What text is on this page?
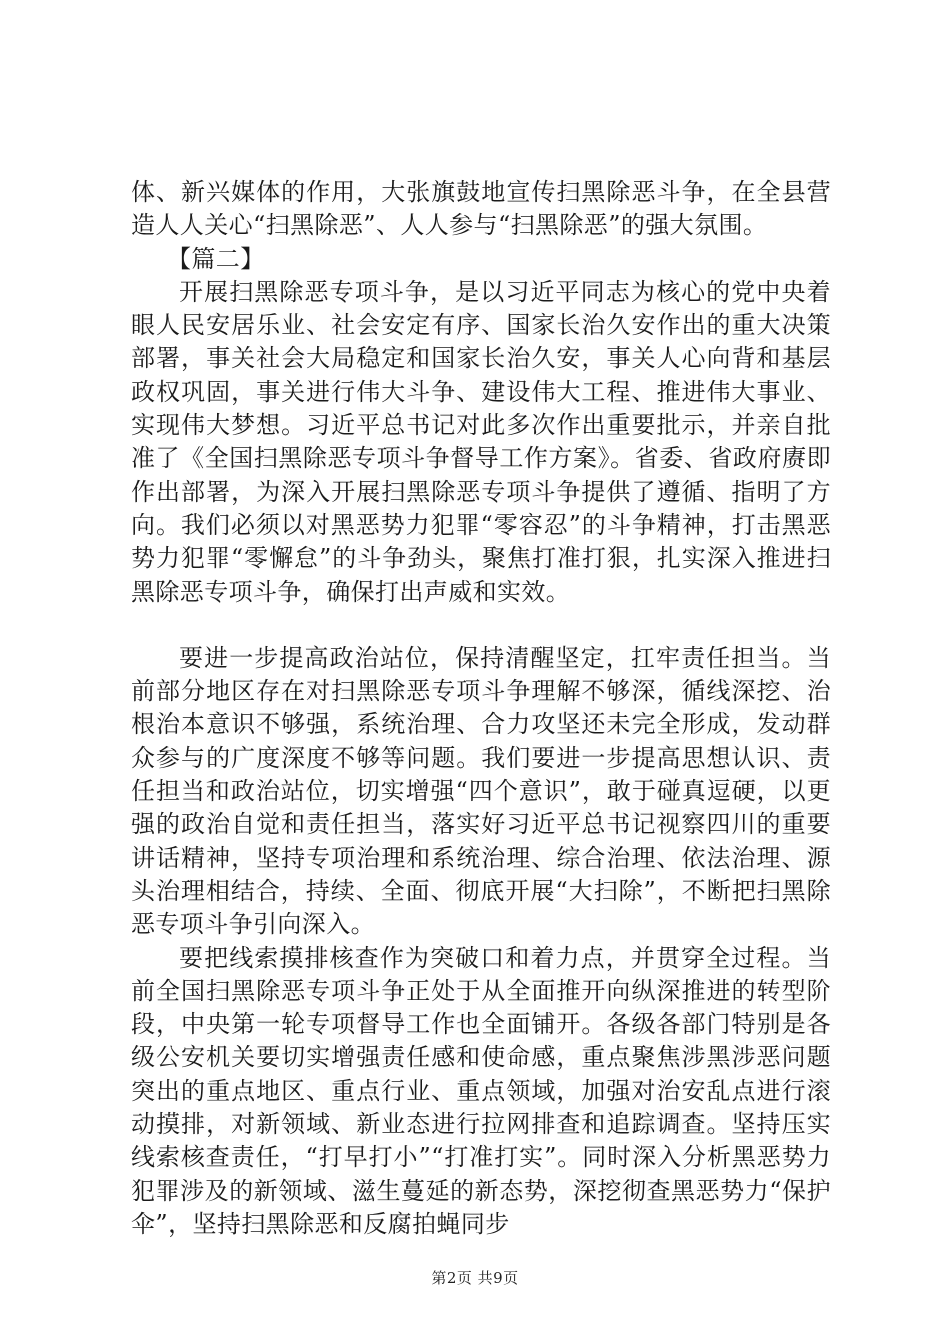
体、新兴媒体的作用，大张旗鼓地宣传扫黑除恶斗争，在全县营造人人关心“扫黑除恶”、人人参与“扫黑除恶”的强大氛围。

【篇二】

开展扫黑除恶专项斗争，是以习近平同志为核心的党中央着眼人民安居乐业、社会安定有序、国家长治久安作出的重大决策部署，事关社会大局稳定和国家长治久安，事关人心向背和基层政权巩固，事关进行伟大斗争、建设伟大工程、推进伟大事业、实现伟大梦想。习近平总书记对此多次作出重要批示，并亲自批准了《全国扫黑除恶专项斗争督导工作方案》。省委、省政府赓即作出部署，为深入开展扫黑除恶专项斗争提供了遵循、指明了方向。我们必须以对黑恶势力犯罪“零容忍”的斗争精神，打击黑恶势力犯罪“零懈怠”的斗争劲头，聚焦打准打狠，扎实深入推进扫黑除恶专项斗争，确保打出声威和实效。

要进一步提高政治站位，保持清醒坚定，扛牢责任担当。当前部分地区存在对扫黑除恶专项斗争理解不够深，循线深挖、治根治本意识不够强，系统治理、合力攻坚还未完全形成，发动群众参与的广度深度不够等问题。我们要进一步提高思想认识、责任担当和政治站位，切实增强“四个意识”，敢于碰真逗硬，以更强的政治自觉和责任担当，落实好习近平总书记视察四川的重要讲话精神，坚持专项治理和系统治理、综合治理、依法治理、源头治理相结合，持续、全面、彻底开展“大扫除”，不断把扫黑除恶专项斗争引向深入。

要把线索摸排核查作为突破口和着力点，并贯穿全过程。当前全国扫黑除恶专项斗争正处于从全面推开向纵深推进的转型阶段，中央第一轮专项督导工作也全面铺开。各级各部门特别是各级公安机关要切实增强责任感和使命感，重点聚焦涉黑涉恶问题突出的重点地区、重点行业、重点领域，加强对治安乱点进行滚动摸排，对新领域、新业态进行拉网排查和追踪调查。坚持压实线索核查责任，“打早打小”“打准打实”。同时深入分析黑恶势力犯罪涉及的新领域、滋生蔓延的新态势，深挖彻查黑恶势力“保护伞”，坚持扫黑除恶和反腐拍蝇同步

第2页 共9页
